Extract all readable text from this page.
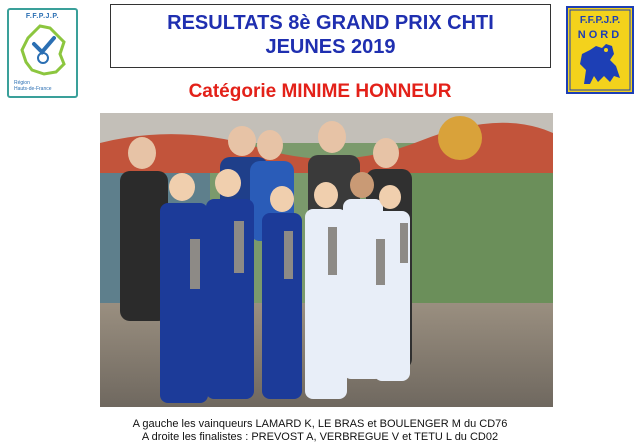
F.F.P.J.P.
Région
Hauts-de-France
RESULTATS 8è GRAND PRIX CHTI
JEUNES 2019
F.F.P.J.P.
NORD
Catégorie MINIME HONNEUR
A gauche les vainqueurs LAMARD K, LE BRAS et BOULENGER M du CD76
A droite les finalistes : PREVOST A, VERBREGUE V et TETU L du CD02
